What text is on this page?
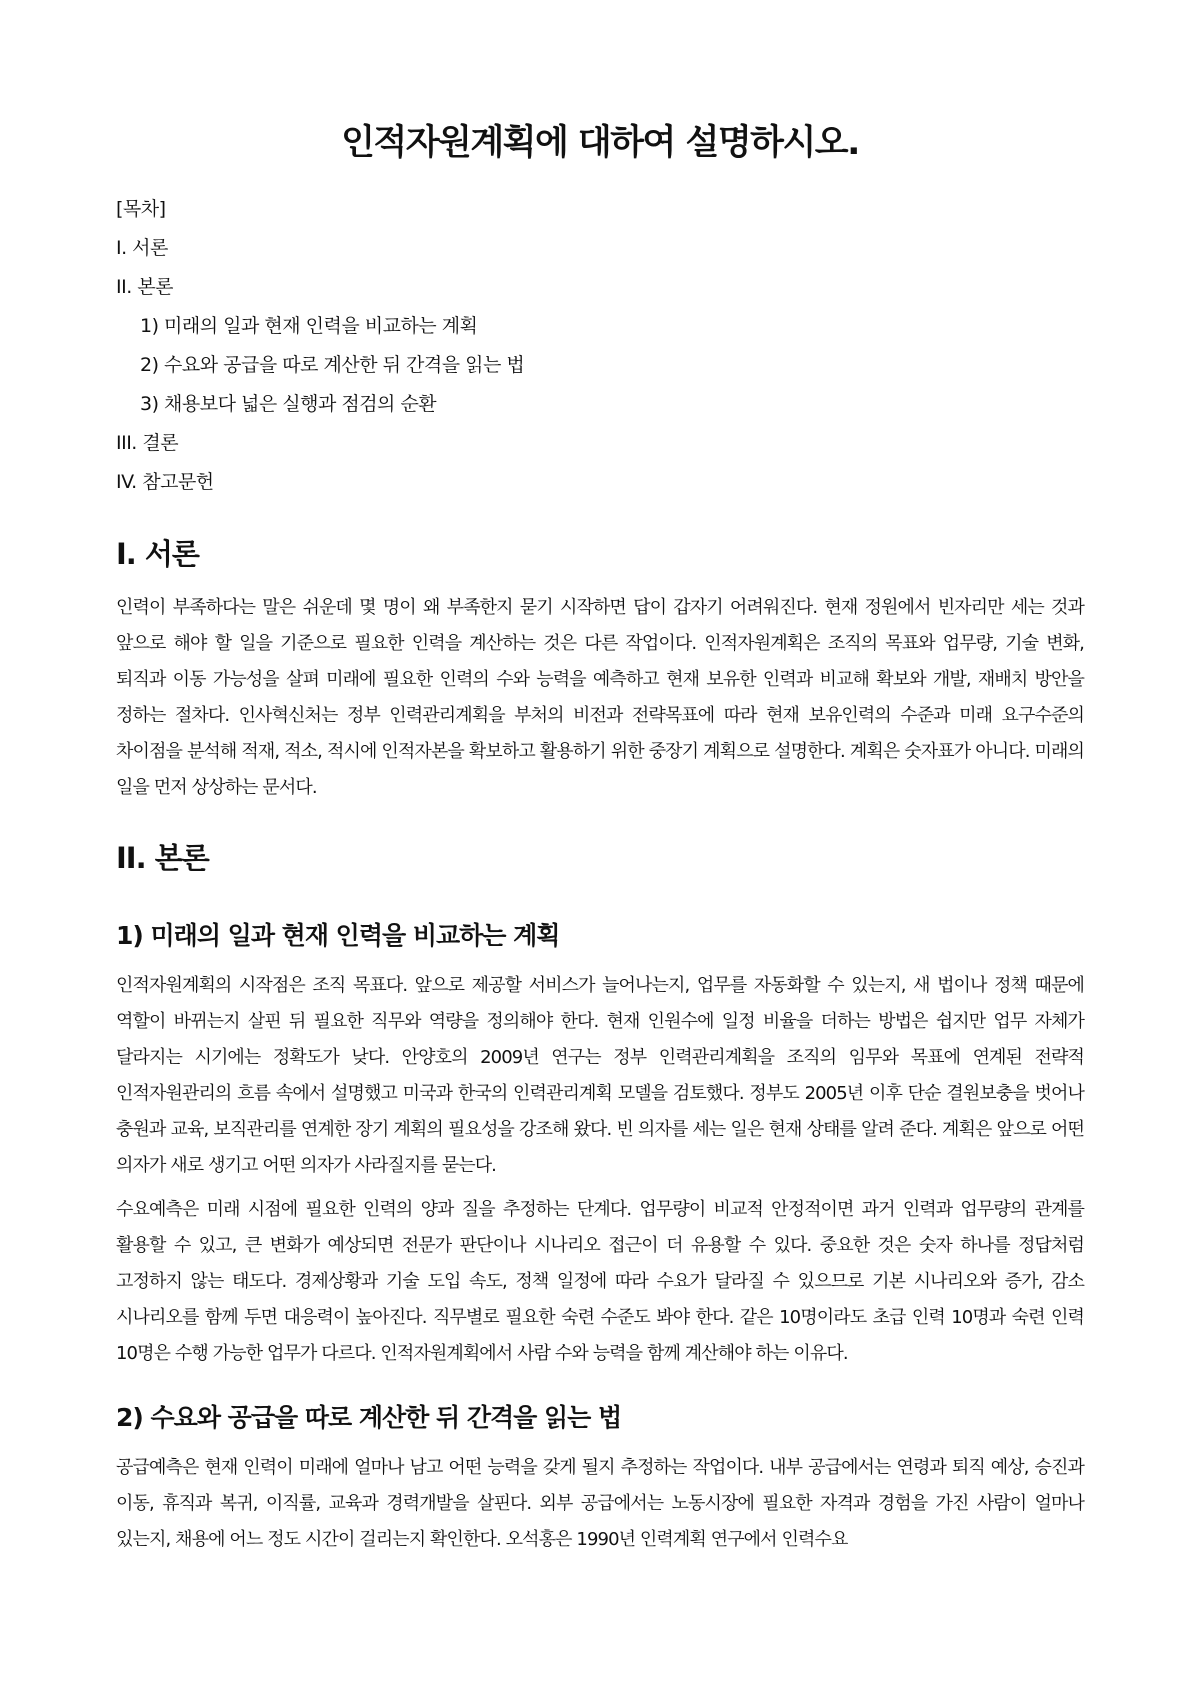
인적자원계획에 대하여 설명하시오.
[목차]
I. 서론
II. 본론
1) 미래의 일과 현재 인력을 비교하는 계획
2) 수요와 공급을 따로 계산한 뒤 간격을 읽는 법
3) 채용보다 넓은 실행과 점검의 순환
III. 결론
IV. 참고문헌
I. 서론

인력이 부족하다는 말은 쉬운데 몇 명이 왜 부족한지 묻기 시작하면 답이 갑자기 어려워진다. 현재 정원에서 빈자리만 세는 것과 앞으로 해야 할 일을 기준으로 필요한 인력을 계산하는 것은 다른 작업이다. 인적자원계획은 조직의 목표와 업무량, 기술 변화, 퇴직과 이동 가능성을 살펴 미래에 필요한 인력의 수와 능력을 예측하고 현재 보유한 인력과 비교해 확보와 개발, 재배치 방안을 정하는 절차다. 인사혁신처는 정부 인력관리계획을 부처의 비전과 전략목표에 따라 현재 보유인력의 수준과 미래 요구수준의 차이점을 분석해 적재, 적소, 적시에 인적자본을 확보하고 활용하기 위한 중장기 계획으로 설명한다. 계획은 숫자표가 아니다. 미래의 일을 먼저 상상하는 문서다.

II. 본론
1) 미래의 일과 현재 인력을 비교하는 계획

인적자원계획의 시작점은 조직 목표다. 앞으로 제공할 서비스가 늘어나는지, 업무를 자동화할 수 있는지, 새 법이나 정책 때문에 역할이 바뀌는지 살핀 뒤 필요한 직무와 역량을 정의해야 한다. 현재 인원수에 일정 비율을 더하는 방법은 쉽지만 업무 자체가 달라지는 시기에는 정확도가 낮다. 안양호의 2009년 연구는 정부 인력관리계획을 조직의 임무와 목표에 연계된 전략적 인적자원관리의 흐름 속에서 설명했고 미국과 한국의 인력관리계획 모델을 검토했다. 정부도 2005년 이후 단순 결원보충을 벗어나 충원과 교육, 보직관리를 연계한 장기 계획의 필요성을 강조해 왔다. 빈 의자를 세는 일은 현재 상태를 알려 준다. 계획은 앞으로 어떤 의자가 새로 생기고 어떤 의자가 사라질지를 묻는다.

수요예측은 미래 시점에 필요한 인력의 양과 질을 추정하는 단계다. 업무량이 비교적 안정적이면 과거 인력과 업무량의 관계를 활용할 수 있고, 큰 변화가 예상되면 전문가 판단이나 시나리오 접근이 더 유용할 수 있다. 중요한 것은 숫자 하나를 정답처럼 고정하지 않는 태도다. 경제상황과 기술 도입 속도, 정책 일정에 따라 수요가 달라질 수 있으므로 기본 시나리오와 증가, 감소 시나리오를 함께 두면 대응력이 높아진다. 직무별로 필요한 숙련 수준도 봐야 한다. 같은 10명이라도 초급 인력 10명과 숙련 인력 10명은 수행 가능한 업무가 다르다. 인적자원계획에서 사람 수와 능력을 함께 계산해야 하는 이유다.

2) 수요와 공급을 따로 계산한 뒤 간격을 읽는 법

공급예측은 현재 인력이 미래에 얼마나 남고 어떤 능력을 갖게 될지 추정하는 작업이다. 내부 공급에서는 연령과 퇴직 예상, 승진과 이동, 휴직과 복귀, 이직률, 교육과 경력개발을 살핀다. 외부 공급에서는 노동시장에 필요한 자격과 경험을 가진 사람이 얼마나 있는지, 채용에 어느 정도 시간이 걸리는지 확인한다. 오석홍은 1990년 인력계획 연구에서 인력수요
